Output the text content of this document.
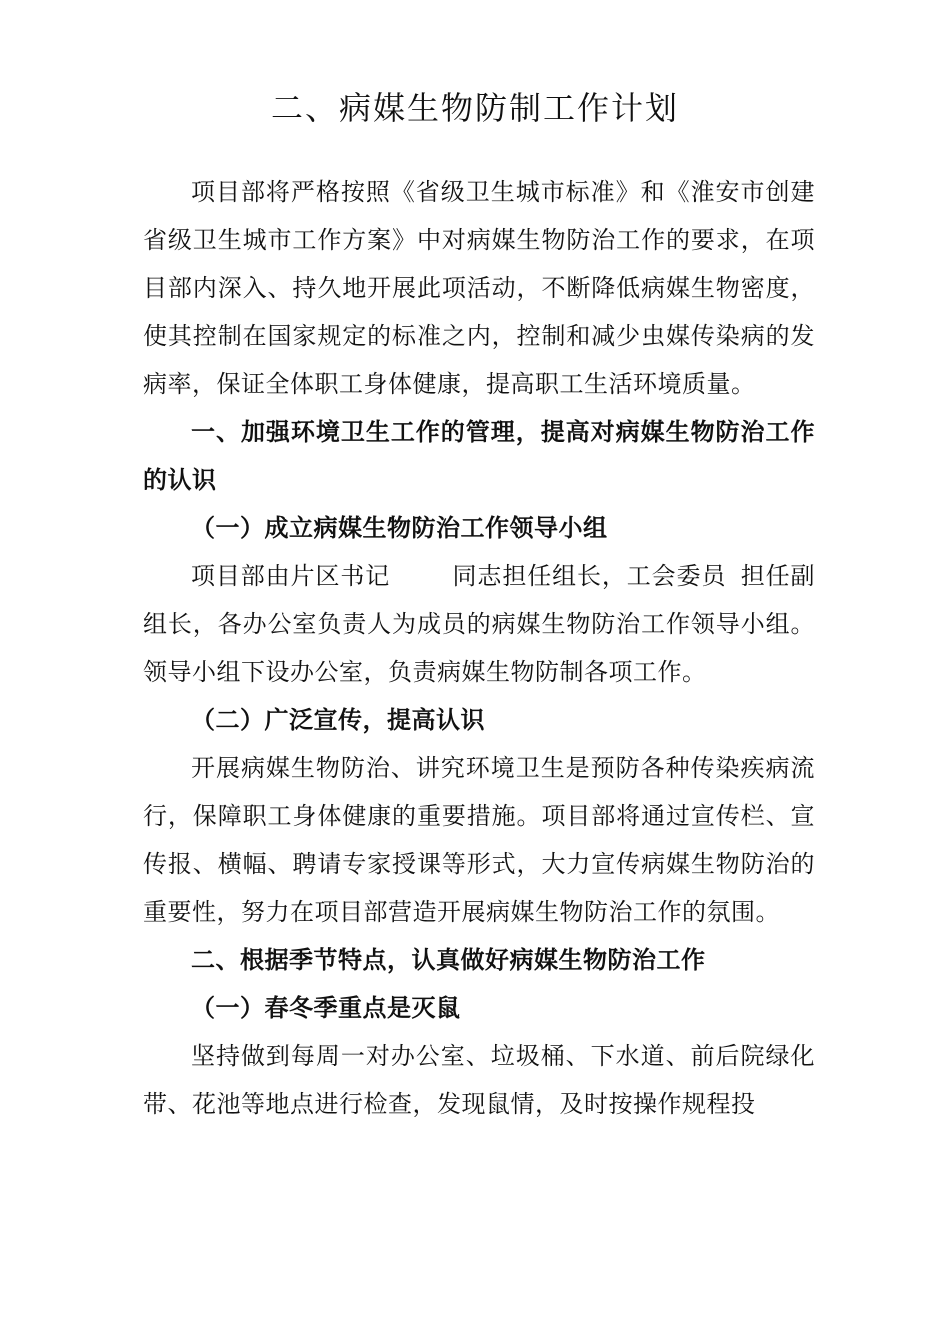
二、病媒生物防制工作计划

项目部将严格按照《省级卫生城市标准》和《淮安市创建省级卫生城市工作方案》中对病媒生物防治工作的要求，在项目部内深入、持久地开展此项活动，不断降低病媒生物密度，使其控制在国家规定的标准之内，控制和减少虫媒传染病的发病率，保证全体职工身体健康，提高职工生活环境质量。

一、加强环境卫生工作的管理，提高对病媒生物防治工作的认识

（一）成立病媒生物防治工作领导小组

项目部由片区书记	同志担任组长，工会委员 担任副组长，各办公室负责人为成员的病媒生物防治工作领导小组。领导小组下设办公室，负责病媒生物防制各项工作。

（二）广泛宣传，提高认识

开展病媒生物防治、讲究环境卫生是预防各种传染疾病流行，保障职工身体健康的重要措施。项目部将通过宣传栏、宣传报、横幅、聘请专家授课等形式，大力宣传病媒生物防治的重要性，努力在项目部营造开展病媒生物防治工作的氛围。

二、根据季节特点，认真做好病媒生物防治工作

（一）春冬季重点是灭鼠

坚持做到每周一对办公室、垃圾桶、下水道、前后院绿化带、花池等地点进行检查，发现鼠情，及时按操作规程投
